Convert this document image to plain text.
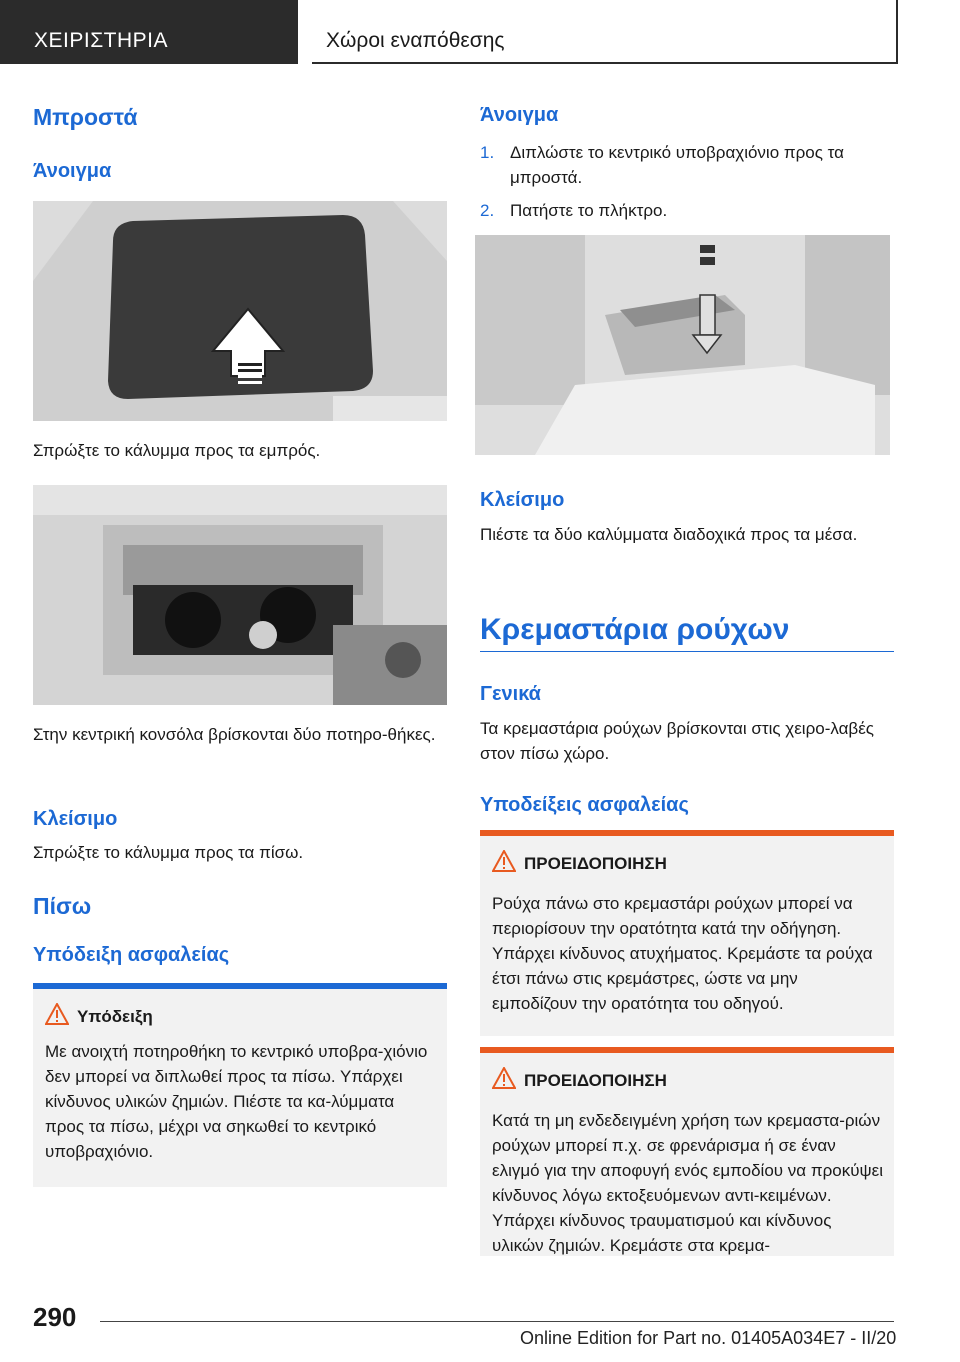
ΧΕΙΡΙΣΤΗΡΙΑ	Χώροι εναπόθεσης
Μπροστά
Άνοιγμα

Σπρώξτε το κάλυμμα προς τα εμπρός.

Στην κεντρική κονσόλα βρίσκονται δύο ποτηρο-θήκες.

Κλείσιμο

Σπρώξτε το κάλυμμα προς τα πίσω.

Πίσω
Υπόδειξη ασφαλείας
Υπόδειξη
Με ανοιχτή ποτηροθήκη το κεντρικό υποβρα-χιόνιο δεν μπορεί να διπλωθεί προς τα πίσω. Υπάρχει κίνδυνος υλικών ζημιών. Πιέστε τα κα-λύμματα προς τα πίσω, μέχρι να σηκωθεί το κεντρικό υποβραχιόνιο.
Άνοιγμα
1. Διπλώστε το κεντρικό υποβραχιόνιο προς τα μπροστά.
2. Πατήστε το πλήκτρο.
Κλείσιμο

Πιέστε τα δύο καλύμματα διαδοχικά προς τα μέσα.

Κρεμαστάρια ρούχων
Γενικά

Τα κρεμαστάρια ρούχων βρίσκονται στις χειρο-λαβές στον πίσω χώρο.

Υποδείξεις ασφαλείας
ΠΡΟΕΙΔΟΠΟΙΗΣΗ
Ρούχα πάνω στο κρεμαστάρι ρούχων μπορεί να περιορίσουν την ορατότητα κατά την οδήγηση. Υπάρχει κίνδυνος ατυχήματος. Κρεμάστε τα ρούχα έτσι πάνω στις κρεμάστρες, ώστε να μην εμποδίζουν την ορατότητα του οδηγού.
ΠΡΟΕΙΔΟΠΟΙΗΣΗ
Κατά τη μη ενδεδειγμένη χρήση των κρεμαστα-ριών ρούχων μπορεί π.χ. σε φρενάρισμα ή σε έναν ελιγμό για την αποφυγή ενός εμποδίου να προκύψει κίνδυνος λόγω εκτοξευόμενων αντι-κειμένων. Υπάρχει κίνδυνος τραυματισμού και κίνδυνος υλικών ζημιών. Κρεμάστε στα κρεμα-
290
Online Edition for Part no. 01405A034E7 - II/20
